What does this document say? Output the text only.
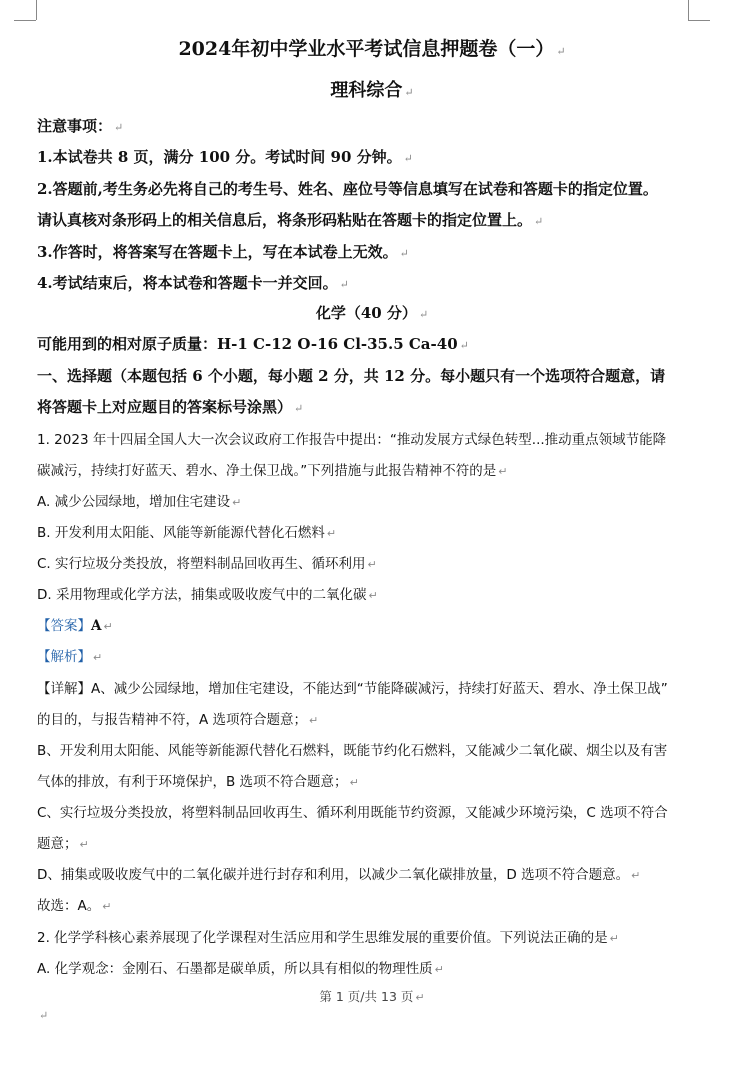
2024年初中学业水平考试信息押题卷（一） ↵
理科综合 ↵
注意事项： ↵
1.本试卷共 8 页，满分 100 分。考试时间 90 分钟。 ↵
2.答题前,考生务必先将自己的考生号、姓名、座位号等信息填写在试卷和答题卡的指定位置。
请认真核对条形码上的相关信息后，将条形码粘贴在答题卡的指定位置上。 ↵
3.作答时，将答案写在答题卡上，写在本试卷上无效。 ↵
4.考试结束后，将本试卷和答题卡一并交回。 ↵
化学（40 分） ↵
可能用到的相对原子质量：H-1 C-12 O-16 Cl-35.5 Ca-40 ↵
一、选择题（本题包括 6 个小题，每小题 2 分，共 12 分。每小题只有一个选项符合题意，请
将答题卡上对应题目的答案标号涂黑） ↵
1. 2023 年十四届全国人大一次会议政府工作报告中提出：“推动发展方式绿色转型...推动重点领域节能降
碳减污，持续打好蓝天、碧水、净土保卫战。”下列措施与此报告精神不符的是 ↵
A. 减少公园绿地，增加住宅建设 ↵
B. 开发利用太阳能、风能等新能源代替化石燃料 ↵
C. 实行垃圾分类投放，将塑料制品回收再生、循环利用 ↵
D. 采用物理或化学方法，捕集或吸收废气中的二氧化碳 ↵
【答案】A ↵
【解析】 ↵
【详解】A、减少公园绿地，增加住宅建设，不能达到“节能降碳减污，持续打好蓝天、碧水、净土保卫战”
的目的，与报告精神不符，A 选项符合题意； ↵
B、开发利用太阳能、风能等新能源代替化石燃料，既能节约化石燃料，又能减少二氧化碳、烟尘以及有害
气体的排放，有利于环境保护，B 选项不符合题意； ↵
C、实行垃圾分类投放，将塑料制品回收再生、循环利用既能节约资源，又能减少环境污染，C 选项不符合
题意； ↵
D、捕集或吸收废气中的二氧化碳并进行封存和利用，以减少二氧化碳排放量，D 选项不符合题意。 ↵
故选：A。 ↵
2. 化学学科核心素养展现了化学课程对生活应用和学生思维发展的重要价值。下列说法正确的是 ↵
A. 化学观念：金刚石、石墨都是碳单质，所以具有相似的物理性质 ↵
第 1 页/共 13 页 ↵
↵
